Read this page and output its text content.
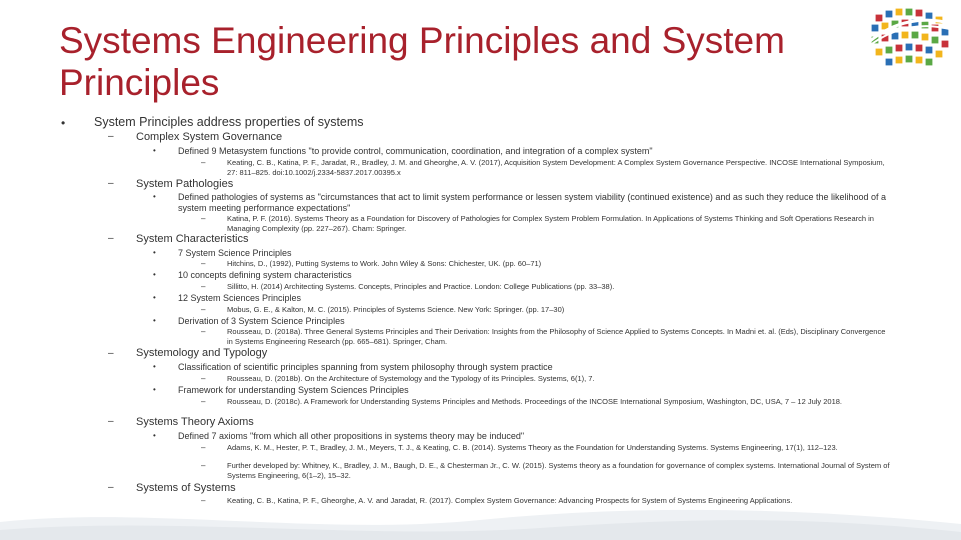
Systems Engineering Principles and System
Principles
• System Principles address properties of systems
– Complex System Governance
• Defined 9 Metasystem functions "to provide control, communication, coordination, and integration of a complex system"
–	Keating, C. B., Katina, P. F., Jaradat, R., Bradley, J. M. and Gheorghe, A. V. (2017), Acquisition System Development: A Complex System Governance Perspective. INCOSE International Symposium, 27: 811–825. doi:10.1002/j.2334-5837.2017.00395.x
– System Pathologies
• Defined pathologies of systems as "circumstances that act to limit system performance or lessen system viability (continued existence) and as such they reduce the likelihood of a system meeting performance expectations"
–	Katina, P. F. (2016). Systems Theory as a Foundation for Discovery of Pathologies for Complex System Problem Formulation. In Applications of Systems Thinking and Soft Operations Research in Managing Complexity (pp. 227–267). Cham: Springer.
– System Characteristics
• 7 System Science Principles
–	Hitchins, D., (1992), Putting Systems to Work. John Wiley & Sons: Chichester, UK. (pp. 60–71)
• 10 concepts defining system characteristics
–	Sillitto, H. (2014) Architecting Systems. Concepts, Principles and Practice. London: College Publications (pp. 33–38).
• 12 System Sciences Principles
–	Mobus, G. E., & Kalton, M. C. (2015). Principles of Systems Science. New York: Springer. (pp. 17–30)
• Derivation of 3 System Science Principles
–	Rousseau, D. (2018a). Three General Systems Principles and Their Derivation: Insights from the Philosophy of Science Applied to Systems Concepts. In Madni et. al. (Eds), Disciplinary Convergence in Systems Engineering Research (pp. 665–681). Springer, Cham.
– Systemology and Typology
• Classification of scientific principles spanning from system philosophy through system practice
–	Rousseau, D. (2018b). On the Architecture of Systemology and the Typology of its Principles. Systems, 6(1), 7.
• Framework for understanding System Sciences Principles
–	Rousseau, D. (2018c). A Framework for Understanding Systems Principles and Methods. Proceedings of the INCOSE International Symposium, Washington, DC, USA, 7 – 12 July 2018.
– Systems Theory Axioms
• Defined 7 axioms "from which all other propositions in systems theory may be induced"
–	Adams, K. M., Hester, P. T., Bradley, J. M., Meyers, T. J., & Keating, C. B. (2014). Systems Theory as the Foundation for Understanding Systems. Systems Engineering, 17(1), 112–123.
–	Further developed by: Whitney, K., Bradley, J. M., Baugh, D. E., & Chesterman Jr., C. W. (2015). Systems theory as a foundation for governance of complex systems. International Journal of System of Systems Engineering, 6(1–2), 15–32.
– Systems of Systems
–	Keating, C. B., Katina, P. F., Gheorghe, A. V. and Jaradat, R. (2017). Complex System Governance: Advancing Prospects for System of Systems Engineering Applications.
